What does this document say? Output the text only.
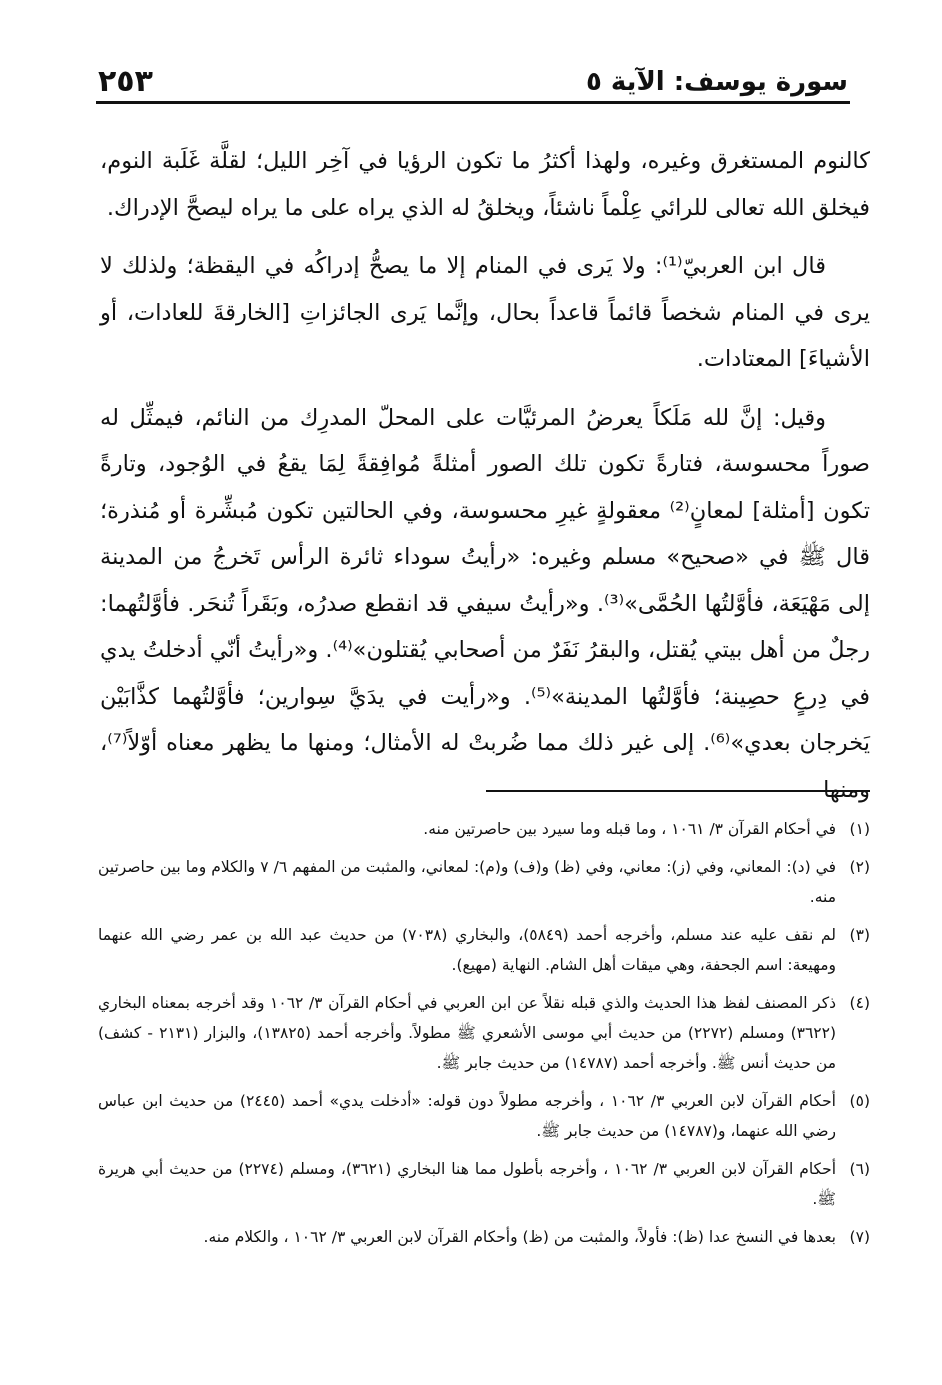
سورة يوسف: الآية ٥
٢٥٣

كالنوم المستغرق وغيره، ولهذا أكثرُ ما تكون الرؤيا في آخِر الليل؛ لقلَّة غَلَبة النوم، فيخلق الله تعالى للرائي عِلْماً ناشئاً، ويخلقُ له الذي يراه على ما يراه ليصحَّ الإدراك.

قال ابن العربيّ⁽¹⁾: ولا يَرى في المنام إلا ما يصحُّ إدراكُه في اليقظة؛ ولذلك لا يرى في المنام شخصاً قائماً قاعداً بحال، وإنَّما يَرى الجائزاتِ [الخارقةَ للعادات، أو الأشياءَ] المعتادات.

وقيل: إنَّ لله مَلَكاً يعرضُ المرئيَّات على المحلّ المدرِك من النائم، فيمثِّل له صوراً محسوسة، فتارةً تكون تلك الصور أمثلةً مُوافِقةً لِمَا يقعُ في الوُجود، وتارةً تكون [أمثلة] لمعانٍ⁽²⁾ معقولةٍ غيرِ محسوسة، وفي الحالتين تكون مُبشِّرة أو مُنذرة؛ قال ﷺ في «صحيح» مسلم وغيره: «رأيتُ سوداء ثائرة الرأس تَخرجُ من المدينة إلى مَهْيَعَة، فأوَّلتُها الحُمَّى»⁽³⁾. و«رأيتُ سيفي قد انقطع صدرُه، وبَقَراً تُنحَر. فأوَّلتُهما: رجلٌ من أهل بيتي يُقتل، والبقرُ نَفَرٌ من أصحابي يُقتلون»⁽⁴⁾. و«رأيتُ أنّي أدخلتُ يدي في دِرعٍ حصِينة؛ فأوَّلتُها المدينة»⁽⁵⁾. و«رأيت في يدَيَّ سِوارين؛ فأوَّلتُهما كذَّابَيْن يَخرجان بعدي»⁽⁶⁾. إلى غير ذلك مما ضُربتْ له الأمثال؛ ومنها ما يظهر معناه أوّلاً⁽⁷⁾، ومنها

(١)
في أحكام القرآن ٣/ ١٠٦١ ، وما قبله وما سيرد بين حاصرتين منه.
(٢)
في (د): المعاني، وفي (ز): معاني، وفي (ظ) و(ف) و(م): لمعاني، والمثبت من المفهم ٦/ ٧ والكلام وما بين حاصرتين منه.
(٣)
لم نقف عليه عند مسلم، وأخرجه أحمد (٥٨٤٩)، والبخاري (٧٠٣٨) من حديث عبد الله بن عمر رضي الله عنهما ومهيعة: اسم الجحفة، وهي ميقات أهل الشام. النهاية (مهيع).
(٤)
ذكر المصنف لفظ هذا الحديث والذي قبله نقلاً عن ابن العربي في أحكام القرآن ٣/ ١٠٦٢ وقد أخرجه بمعناه البخاري (٣٦٢٢) ومسلم (٢٢٧٢) من حديث أبي موسى الأشعري ﷺ مطولاً. وأخرجه أحمد (١٣٨٢٥)، والبزار (٢١٣١ - كشف) من حديث أنس ﷺ. وأخرجه أحمد (١٤٧٨٧) من حديث جابر ﷺ.
(٥)
أحكام القرآن لابن العربي ٣/ ١٠٦٢ ، وأخرجه مطولاً دون قوله: «أدخلت يدي» أحمد (٢٤٤٥) من حديث ابن عباس رضي الله عنهما، و(١٤٧٨٧) من حديث جابر ﷺ.
(٦)
أحكام القرآن لابن العربي ٣/ ١٠٦٢ ، وأخرجه بأطول مما هنا البخاري (٣٦٢١)، ومسلم (٢٢٧٤) من حديث أبي هريرة ﷺ.
(٧)
بعدها في النسخ عدا (ظ): فأولاً، والمثبت من (ظ) وأحكام القرآن لابن العربي ٣/ ١٠٦٢ ، والكلام منه.
